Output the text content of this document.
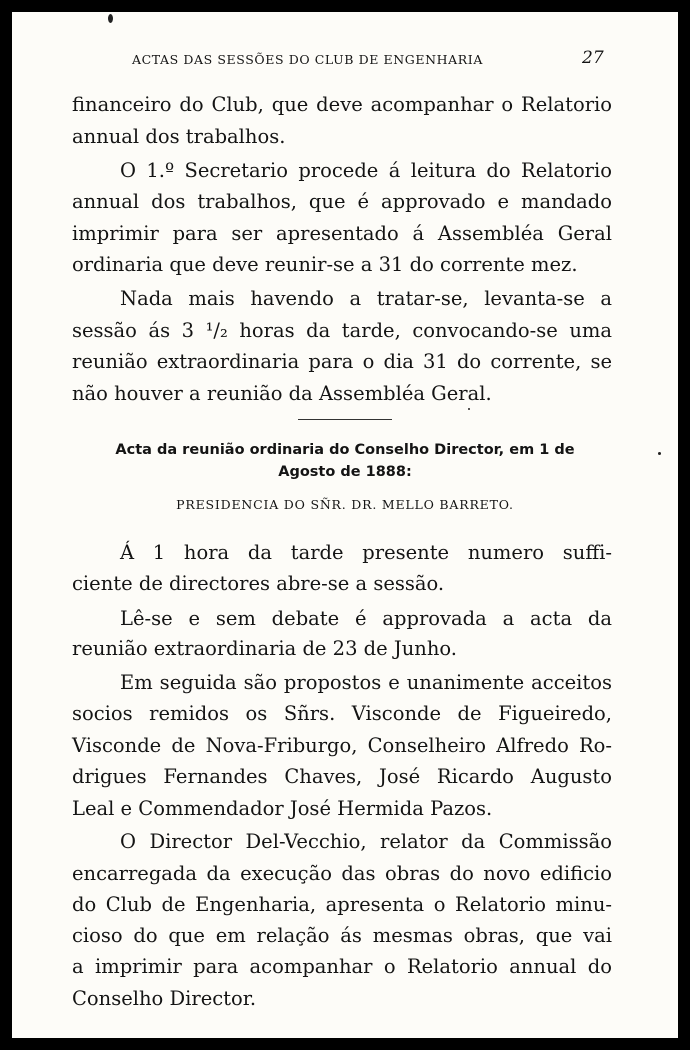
ACTAS DAS SESSÕES DO CLUB DE ENGENHARIA	27
financeiro do Club, que deve acompanhar o Relatorio
annual dos trabalhos.
O 1.º Secretario procede á leitura do Relatorio
annual dos trabalhos, que é approvado e mandado
imprimir para ser apresentado á Assembléa Geral
ordinaria que deve reunir-se a 31 do corrente mez.
Nada mais havendo a tratar-se, levanta-se a
sessão ás 3 ¹/₂ horas da tarde, convocando-se uma
reunião extraordinaria para o dia 31 do corrente, se
não houver a reunião da Assembléa Geral.
Acta da reunião ordinaria do Conselho Director, em 1 de
Agosto de 1888:
PRESIDENCIA DO SÑR. DR. MELLO BARRETO.
Á 1 hora da tarde presente numero suffi-
ciente de directores abre-se a sessão.
Lê-se e sem debate é approvada a acta da
reunião extraordinaria de 23 de Junho.
Em seguida são propostos e unanimente acceitos
socios remidos os Sñrs. Visconde de Figueiredo,
Visconde de Nova-Friburgo, Conselheiro Alfredo Ro-
drigues Fernandes Chaves, José Ricardo Augusto
Leal e Commendador José Hermida Pazos.
O Director Del-Vecchio, relator da Commissão
encarregada da execução das obras do novo edificio
do Club de Engenharia, apresenta o Relatorio minu-
cioso do que em relação ás mesmas obras, que vai
a imprimir para acompanhar o Relatorio annual do
Conselho Director.
